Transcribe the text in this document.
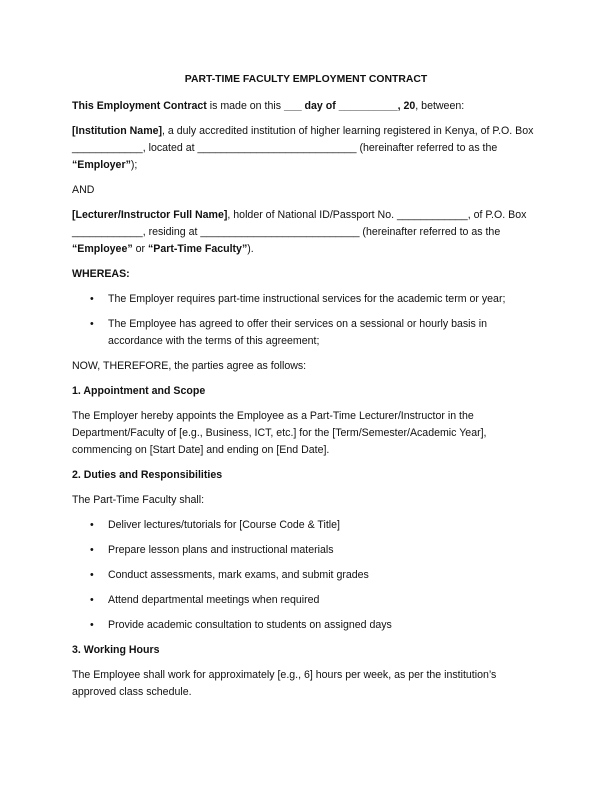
PART-TIME FACULTY EMPLOYMENT CONTRACT

This Employment Contract is made on this ___ day of __________, 20, between:

[Institution Name], a duly accredited institution of higher learning registered in Kenya, of P.O. Box ____________, located at ___________________________ (hereinafter referred to as the “Employer”);

AND

[Lecturer/Instructor Full Name], holder of National ID/Passport No. ____________, of P.O. Box ____________, residing at ___________________________ (hereinafter referred to as the “Employee” or “Part-Time Faculty”).

WHEREAS:

• The Employer requires part-time instructional services for the academic term or year;
• The Employee has agreed to offer their services on a sessional or hourly basis in accordance with the terms of this agreement;

NOW, THEREFORE, the parties agree as follows:

1. Appointment and Scope

The Employer hereby appoints the Employee as a Part-Time Lecturer/Instructor in the Department/Faculty of [e.g., Business, ICT, etc.] for the [Term/Semester/Academic Year], commencing on [Start Date] and ending on [End Date].

2. Duties and Responsibilities

The Part-Time Faculty shall:

• Deliver lectures/tutorials for [Course Code & Title]
• Prepare lesson plans and instructional materials
• Conduct assessments, mark exams, and submit grades
• Attend departmental meetings when required
• Provide academic consultation to students on assigned days
3. Working Hours

The Employee shall work for approximately [e.g., 6] hours per week, as per the institution’s approved class schedule.
